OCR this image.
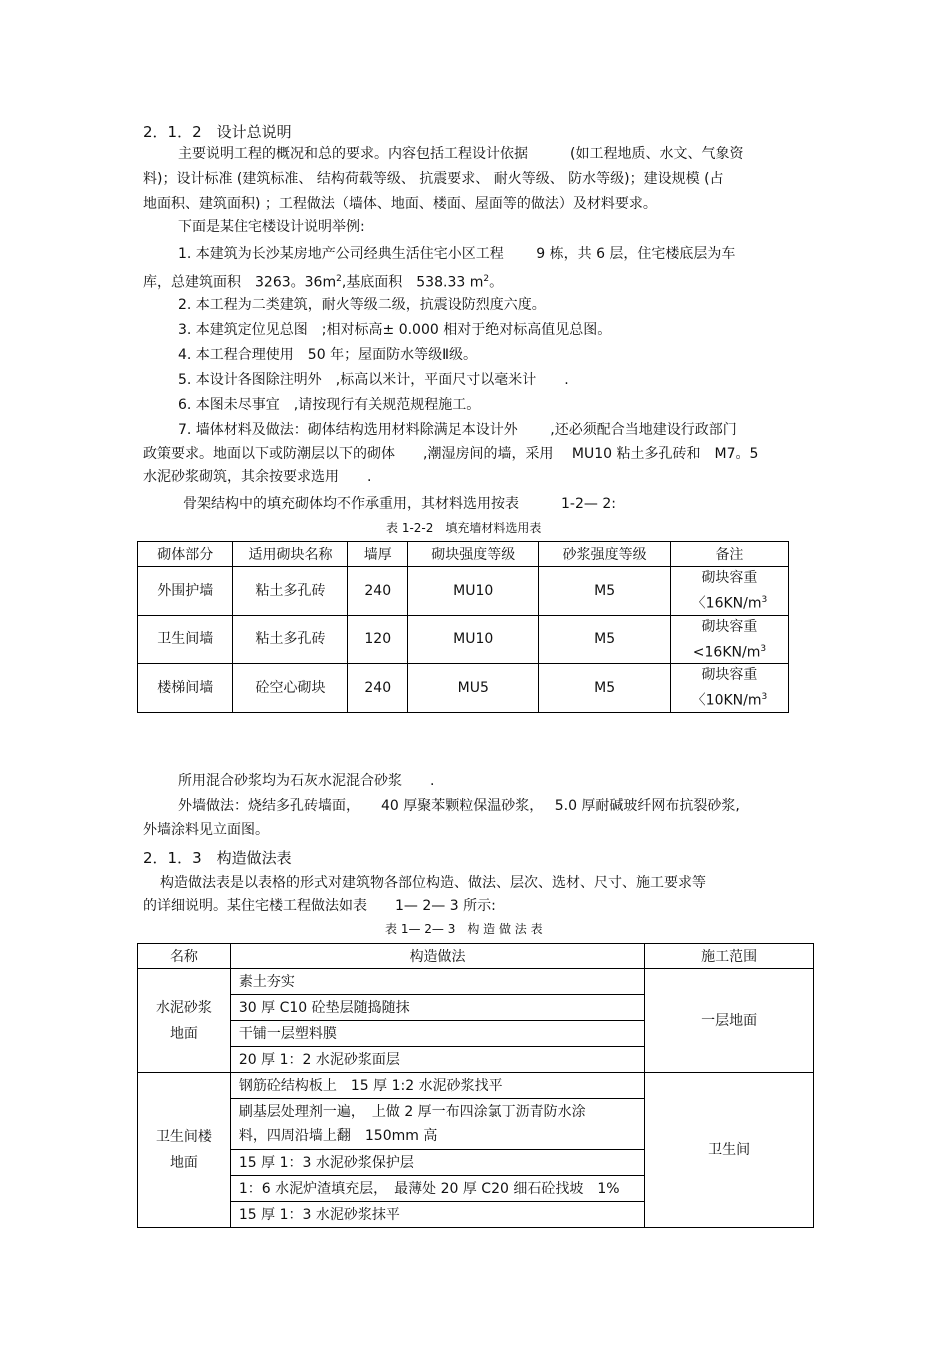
2．1．2　设计总说明
主要说明工程的概况和总的要求。内容包括工程设计依据　　　(如工程地质、水文、气象资
料)；设计标准 (建筑标准、 结构荷载等级、 抗震要求、 耐火等级、 防水等级)；建设规模 (占
地面积、建筑面积) ；工程做法（墙体、地面、楼面、屋面等的做法）及材料要求。
下面是某住宅楼设计说明举例:
1. 本建筑为长沙某房地产公司经典生活住宅小区工程　　 9 栋，共 6 层，住宅楼底层为车
库，总建筑面积　3263。$36m^2$,基底面积　538.33 $m^2$。
2. 本工程为二类建筑，耐火等级二级，抗震设防烈度六度。
3. 本建筑定位见总图　;相对标高± 0.000 相对于绝对标高值见总图。
4. 本工程合理使用　50 年；屋面防水等级Ⅱ级。
5. 本设计各图除注明外　,标高以米计，平面尺寸以毫米计　　.
6. 本图未尽事宜　,请按现行有关规范规程施工。
7. 墙体材料及做法：砌体结构选用材料除满足本设计外　　 ,还必须配合当地建设行政部门
政策要求。地面以下或防潮层以下的砌体　　,潮湿房间的墙，采用　 MU10 粘土多孔砖和　M7。5
水泥砂浆砌筑，其余按要求选用　　.
骨架结构中的填充砌体均不作承重用，其材料选用按表　　　1-2— 2:
表 1-2-2　填充墙材料选用表
砌体部分	适用砌块名称	墙厚	砌块强度等级	砂浆强度等级	备注
外围护墙	粘土多孔砖	240	MU10	M5	砌块容重
〈$16KN/m^3$
卫生间墙	粘土多孔砖	120	MU10	M5	砌块容重
$<16KN/m^3$
楼梯间墙	砼空心砌块	240	MU5	M5	砌块容重
〈$10KN/m^3$
所用混合砂浆均为石灰水泥混合砂浆　　.
外墙做法：烧结多孔砖墙面，　　40 厚聚苯颗粒保温砂浆，　 5.0 厚耐碱玻纤网布抗裂砂浆,
外墙涂料见立面图。
2．1．3　构造做法表
构造做法表是以表格的形式对建筑物各部位构造、做法、层次、选材、尺寸、施工要求等
的详细说明。某住宅楼工程做法如表　　1— 2— 3 所示:
表 1— 2— 3　构 造 做 法 表
名称	构造做法	施工范围
水泥砂浆
地面	素土夯实	一层地面
	30 厚 C10 砼垫层随捣随抹	
	干铺一层塑料膜	
	20 厚 1：2 水泥砂浆面层	
卫生间楼
地面	钢筋砼结构板上　15 厚 1:2 水泥砂浆找平	卫生间
	刷基层处理剂一遍，　上做 2 厚一布四涂氯丁沥青防水涂
料，四周沿墙上翻　150mm 高	
	15 厚 1：3 水泥砂浆保护层	
	1：6 水泥炉渣填充层，　最薄处 20 厚 C20 细石砼找坡　1%	
	15 厚 1：3 水泥砂浆抹平	
